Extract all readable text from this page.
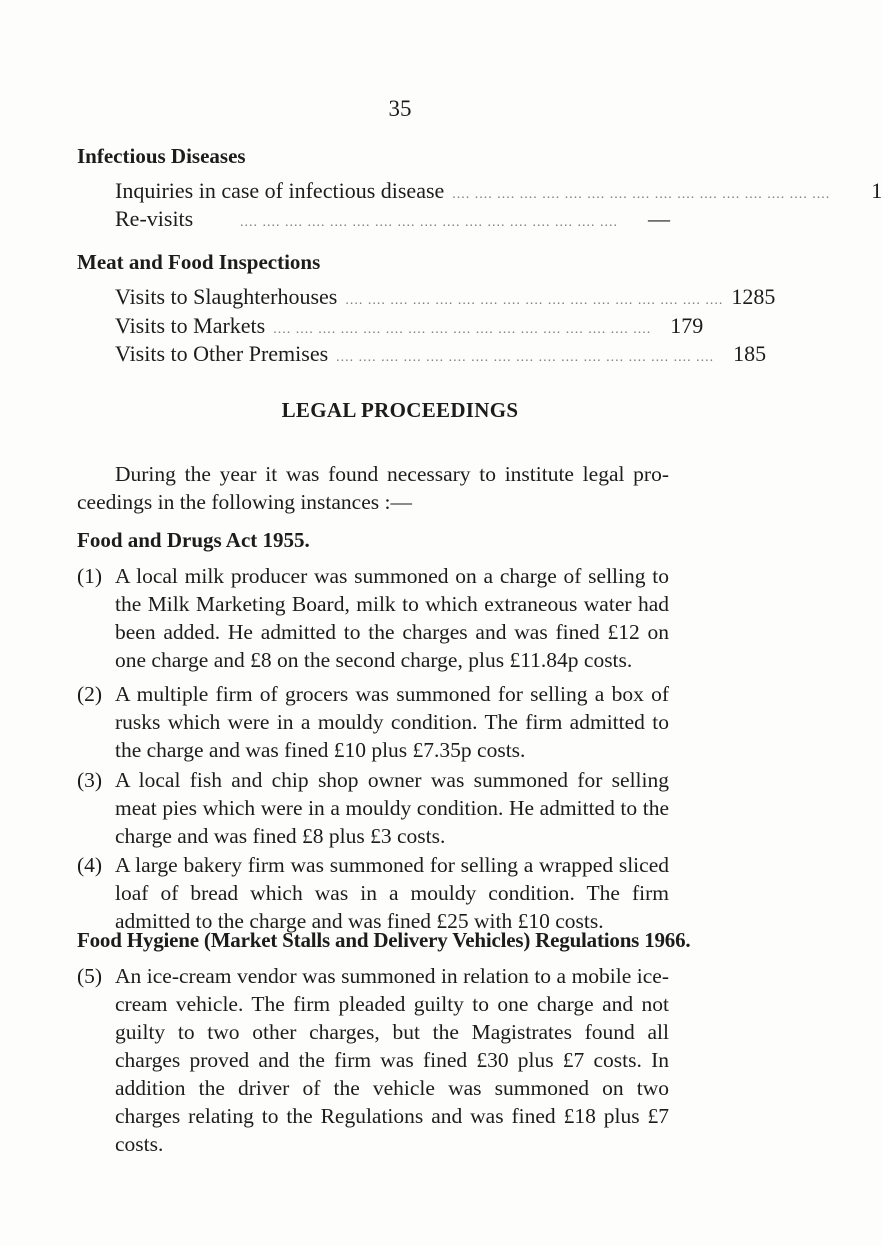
35
Infectious Diseases
Inquiries in case of infectious disease .... .... .... .... .... .... .... .... .... .... .... .... .... .... .... .... ....	1
Re-visits	.... .... .... .... .... .... .... .... .... .... .... .... .... .... .... .... ....	—
Meat and Food Inspections
Visits to Slaughterhouses .... .... .... .... .... .... .... .... .... .... .... .... .... .... .... .... .... 1285
Visits to Markets .... .... .... .... .... .... .... .... .... .... .... .... .... .... .... .... .... 179
Visits to Other Premises .... .... .... .... .... .... .... .... .... .... .... .... .... .... .... .... .... 185
LEGAL PROCEEDINGS
During the year it was found necessary to institute legal pro-ceedings in the following instances :—
Food and Drugs Act 1955.
(1) A local milk producer was summoned on a charge of selling to the Milk Marketing Board, milk to which extraneous water had been added. He admitted to the charges and was fined £12 on one charge and £8 on the second charge, plus £11.84p costs.
(2) A multiple firm of grocers was summoned for selling a box of rusks which were in a mouldy condition. The firm admitted to the charge and was fined £10 plus £7.35p costs.
(3) A local fish and chip shop owner was summoned for selling meat pies which were in a mouldy condition. He admitted to the charge and was fined £8 plus £3 costs.
(4) A large bakery firm was summoned for selling a wrapped sliced loaf of bread which was in a mouldy condition. The firm admitted to the charge and was fined £25 with £10 costs.
Food Hygiene (Market Stalls and Delivery Vehicles) Regulations 1966.
(5) An ice-cream vendor was summoned in relation to a mobile ice-cream vehicle. The firm pleaded guilty to one charge and not guilty to two other charges, but the Magistrates found all charges proved and the firm was fined £30 plus £7 costs. In addition the driver of the vehicle was summoned on two charges relating to the Regulations and was fined £18 plus £7 costs.
